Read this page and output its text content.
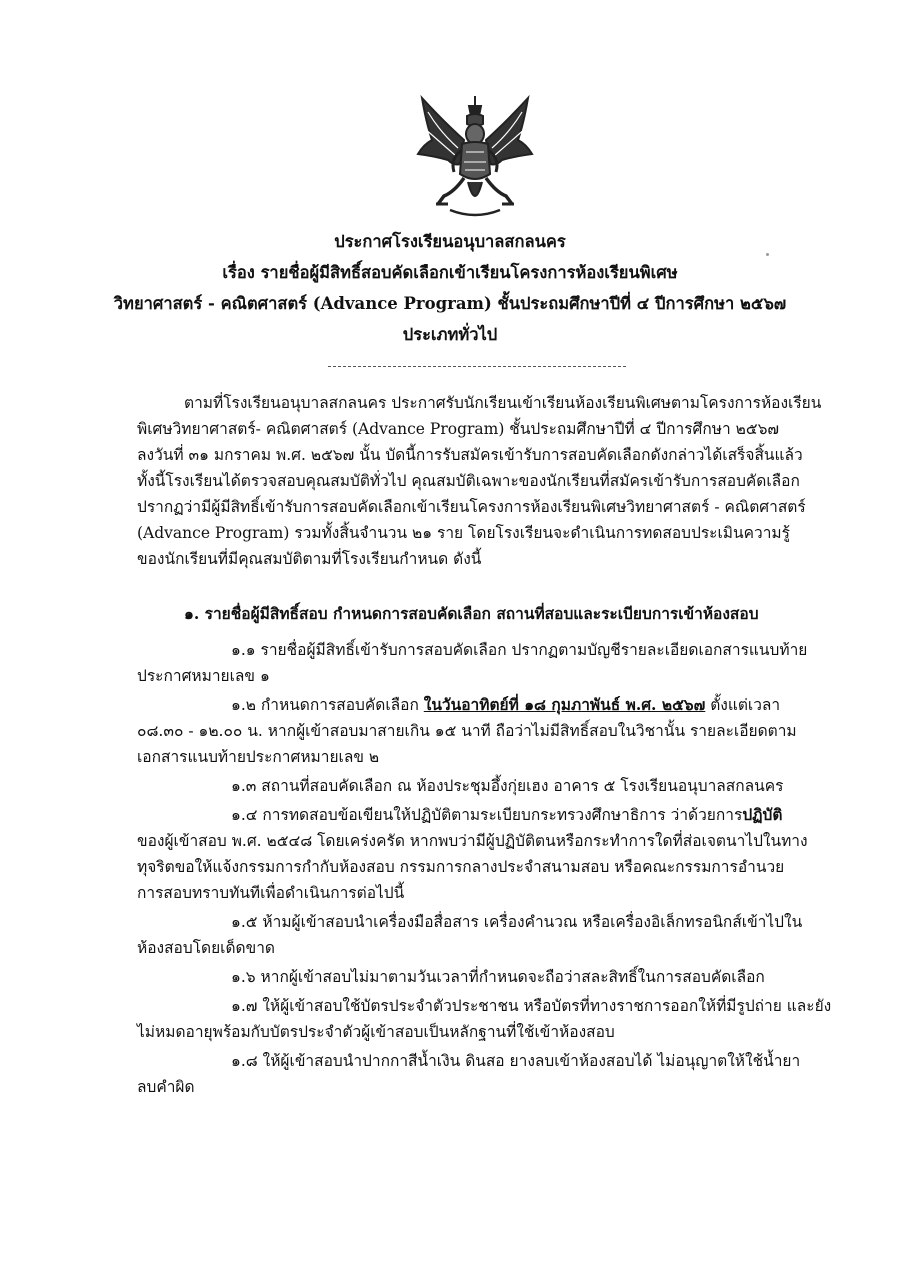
ประกาศโรงเรียนอนุบาลสกลนคร
เรื่อง รายชื่อผู้มีสิทธิ์สอบคัดเลือกเข้าเรียนโครงการห้องเรียนพิเศษ
วิทยาศาสตร์ - คณิตศาสตร์ (Advance Program) ชั้นประถมศึกษาปีที่ ๔ ปีการศึกษา ๒๕๖๗
ประเภททั่วไป
ตามที่โรงเรียนอนุบาลสกลนคร ประกาศรับนักเรียนเข้าเรียนห้องเรียนพิเศษตามโครงการห้องเรียน
พิเศษวิทยาศาสตร์- คณิตศาสตร์ (Advance Program) ชั้นประถมศึกษาปีที่ ๔ ปีการศึกษา ๒๕๖๗
ลงวันที่ ๓๑ มกราคม พ.ศ. ๒๕๖๗ นั้น บัดนี้การรับสมัครเข้ารับการสอบคัดเลือกดังกล่าวได้เสร็จสิ้นแล้ว
ทั้งนี้โรงเรียนได้ตรวจสอบคุณสมบัติทั่วไป คุณสมบัติเฉพาะของนักเรียนที่สมัครเข้ารับการสอบคัดเลือก
ปรากฏว่ามีผู้มีสิทธิ์เข้ารับการสอบคัดเลือกเข้าเรียนโครงการห้องเรียนพิเศษวิทยาศาสตร์ - คณิตศาสตร์
(Advance Program) รวมทั้งสิ้นจำนวน ๒๑ ราย โดยโรงเรียนจะดำเนินการทดสอบประเมินความรู้
ของนักเรียนที่มีคุณสมบัติตามที่โรงเรียนกำหนด ดังนี้
๑. รายชื่อผู้มีสิทธิ์สอบ กำหนดการสอบคัดเลือก สถานที่สอบและระเบียบการเข้าห้องสอบ
๑.๑ รายชื่อผู้มีสิทธิ์เข้ารับการสอบคัดเลือก ปรากฏตามบัญชีรายละเอียดเอกสารแนบท้าย
ประกาศหมายเลข ๑
๑.๒ กำหนดการสอบคัดเลือก ในวันอาทิตย์ที่ ๑๘ กุมภาพันธ์ พ.ศ. ๒๕๖๗ ตั้งแต่เวลา
๐๘.๓๐ - ๑๒.๐๐ น. หากผู้เข้าสอบมาสายเกิน ๑๕ นาที ถือว่าไม่มีสิทธิ์สอบในวิชานั้น รายละเอียดตาม
เอกสารแนบท้ายประกาศหมายเลข ๒
๑.๓ สถานที่สอบคัดเลือก ณ ห้องประชุมอึ้งกุ่ยเฮง อาคาร ๕ โรงเรียนอนุบาลสกลนคร
๑.๔ การทดสอบข้อเขียนให้ปฏิบัติตามระเบียบกระทรวงศึกษาธิการ ว่าด้วยการปฏิบัติ
ของผู้เข้าสอบ พ.ศ. ๒๕๔๘ โดยเคร่งครัด หากพบว่ามีผู้ปฏิบัติตนหรือกระทำการใดที่ส่อเจตนาไปในทาง
ทุจริตขอให้แจ้งกรรมการกำกับห้องสอบ กรรมการกลางประจำสนามสอบ หรือคณะกรรมการอำนวย
การสอบทราบทันทีเพื่อดำเนินการต่อไปนี้
๑.๕ ห้ามผู้เข้าสอบนำเครื่องมือสื่อสาร เครื่องคำนวณ หรือเครื่องอิเล็กทรอนิกส์เข้าไปใน
ห้องสอบโดยเด็ดขาด
๑.๖ หากผู้เข้าสอบไม่มาตามวันเวลาที่กำหนดจะถือว่าสละสิทธิ์ในการสอบคัดเลือก
๑.๗ ให้ผู้เข้าสอบใช้บัตรประจำตัวประชาชน หรือบัตรที่ทางราชการออกให้ที่มีรูปถ่าย และยัง
ไม่หมดอายุพร้อมกับบัตรประจำตัวผู้เข้าสอบเป็นหลักฐานที่ใช้เข้าห้องสอบ
๑.๘ ให้ผู้เข้าสอบนำปากกาสีน้ำเงิน ดินสอ ยางลบเข้าห้องสอบได้ ไม่อนุญาตให้ใช้น้ำยา
ลบคำผิด
